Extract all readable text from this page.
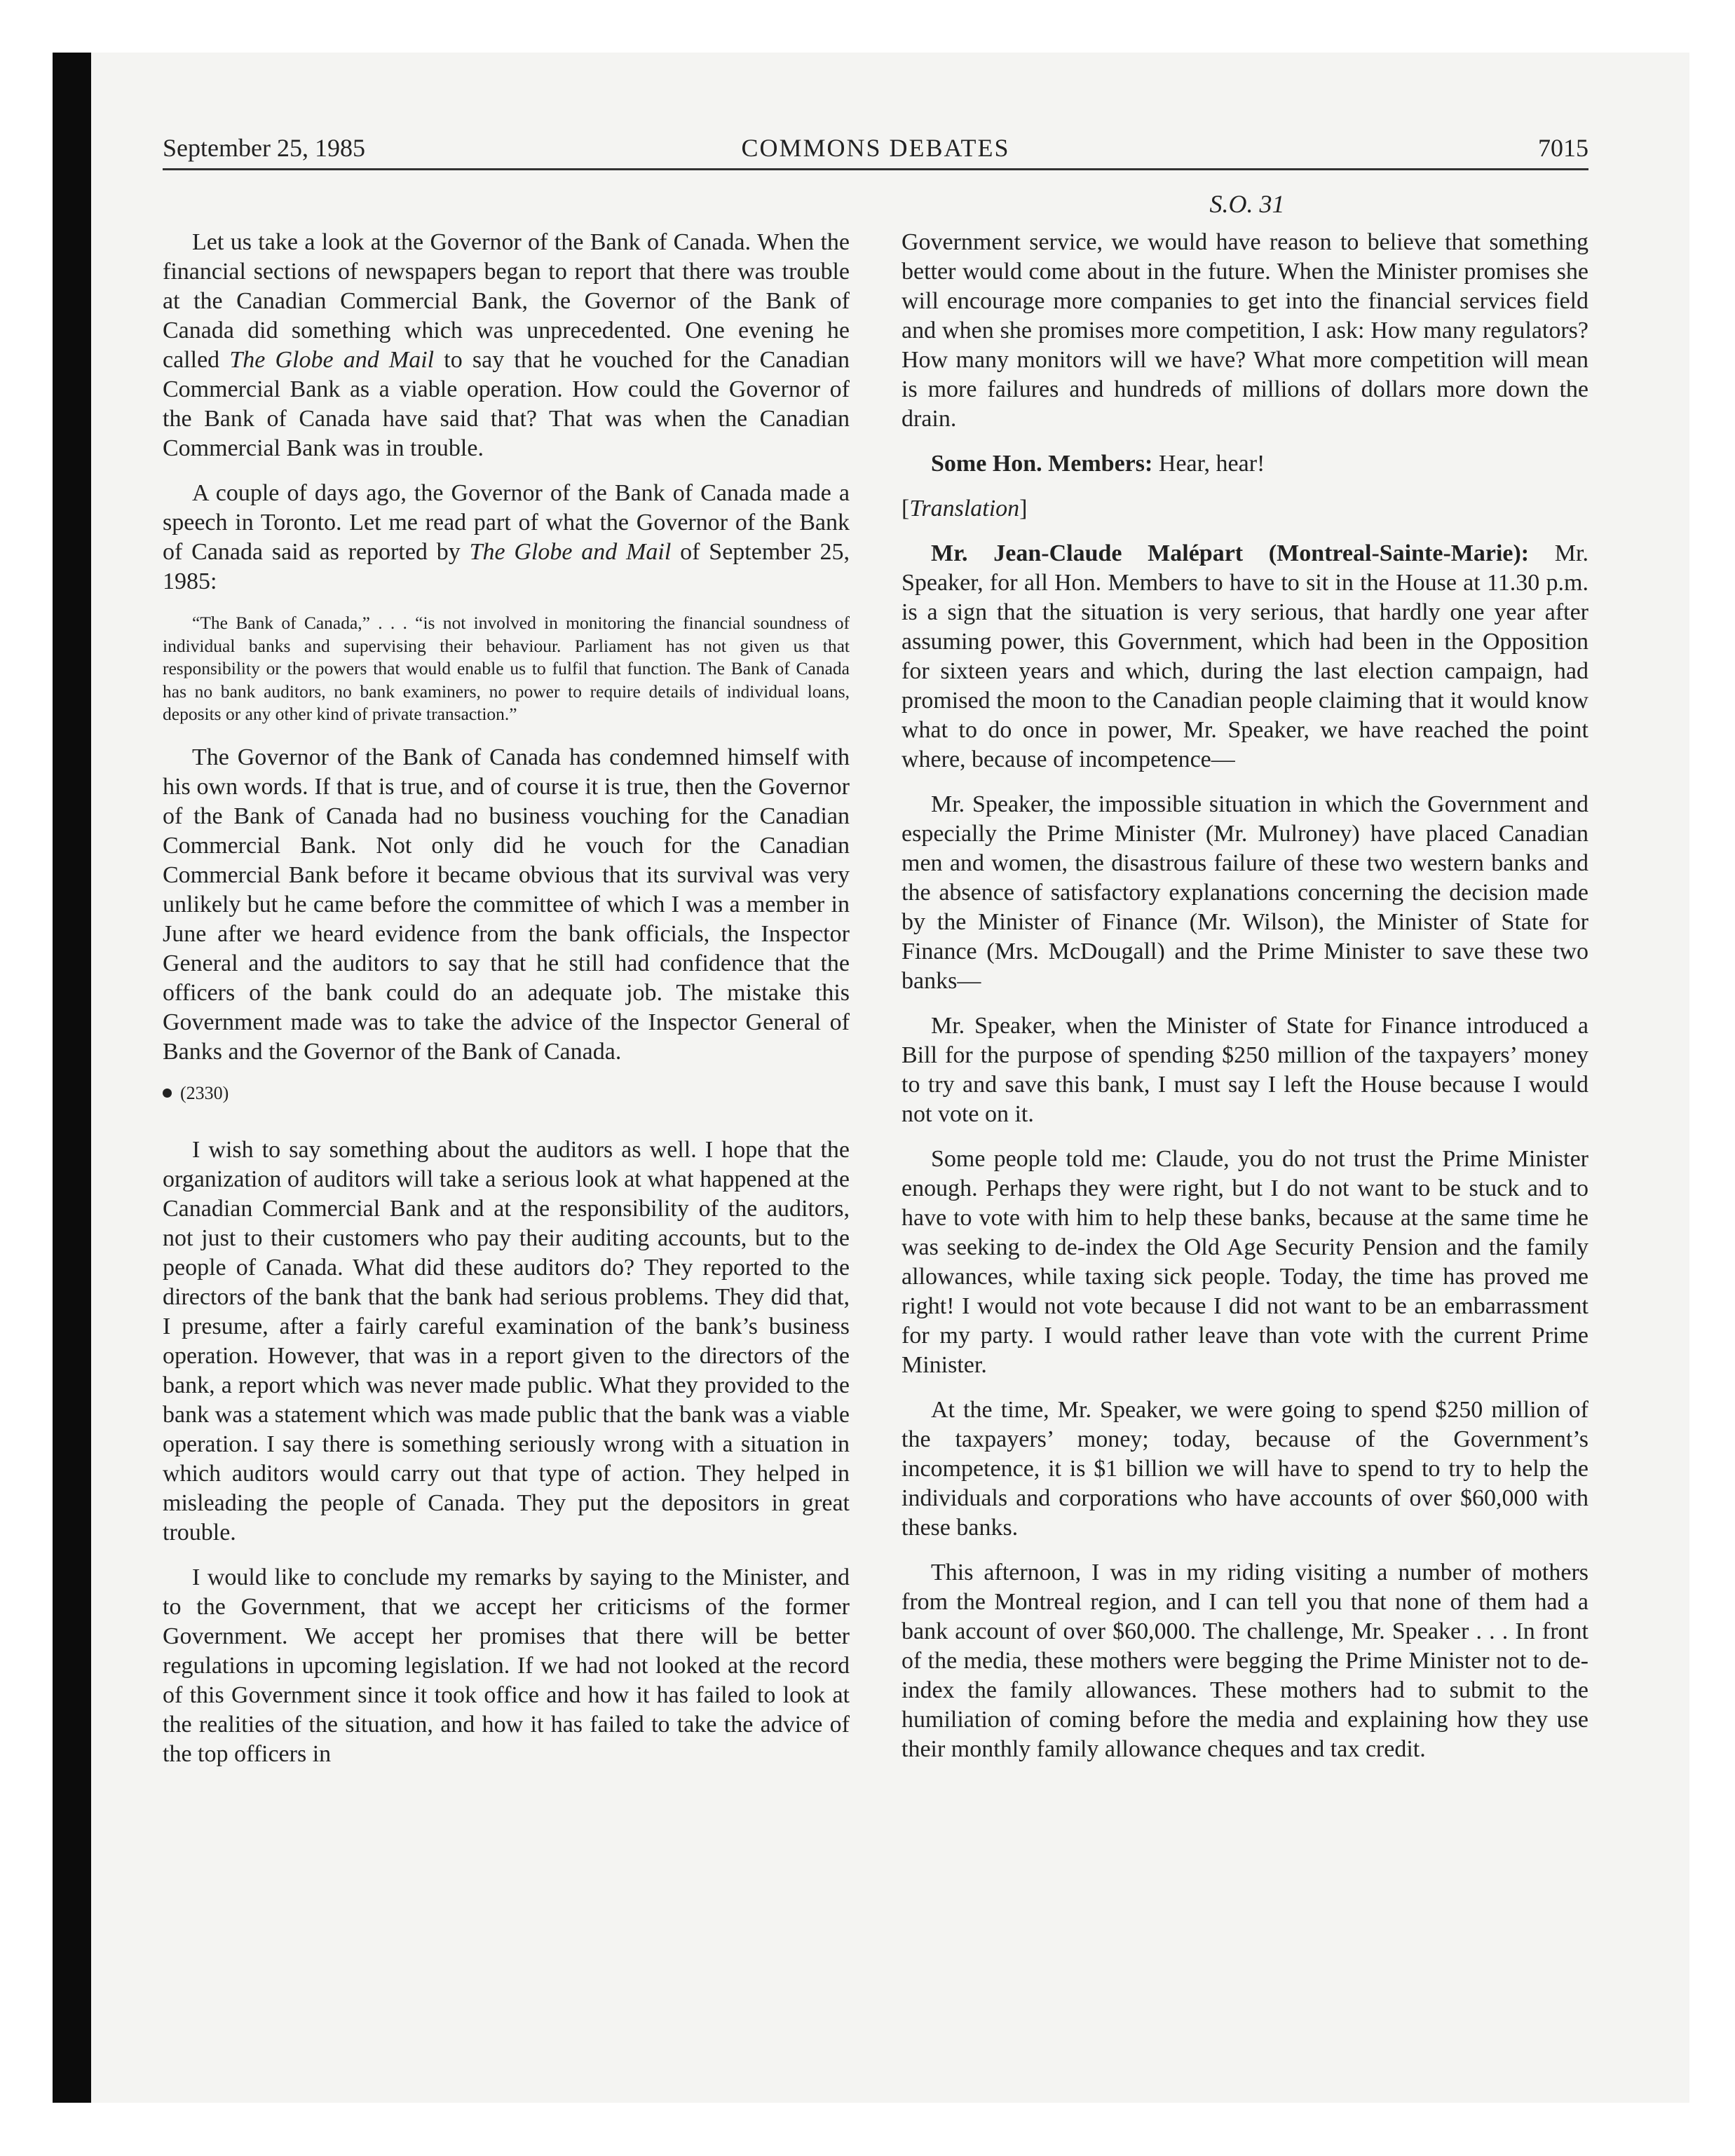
September 25, 1985	COMMONS DEBATES	7015
S.O. 31

Let us take a look at the Governor of the Bank of Canada. When the financial sections of newspapers began to report that there was trouble at the Canadian Commercial Bank, the Governor of the Bank of Canada did something which was unprecedented. One evening he called The Globe and Mail to say that he vouched for the Canadian Commercial Bank as a viable operation. How could the Governor of the Bank of Canada have said that? That was when the Canadian Commercial Bank was in trouble.

A couple of days ago, the Governor of the Bank of Canada made a speech in Toronto. Let me read part of what the Governor of the Bank of Canada said as reported by The Globe and Mail of September 25, 1985:

“The Bank of Canada,” . . . “is not involved in monitoring the financial soundness of individual banks and supervising their behaviour. Parliament has not given us that responsibility or the powers that would enable us to fulfil that function. The Bank of Canada has no bank auditors, no bank examiners, no power to require details of individual loans, deposits or any other kind of private transaction.”

The Governor of the Bank of Canada has condemned himself with his own words. If that is true, and of course it is true, then the Governor of the Bank of Canada had no business vouching for the Canadian Commercial Bank. Not only did he vouch for the Canadian Commercial Bank before it became obvious that its survival was very unlikely but he came before the committee of which I was a member in June after we heard evidence from the bank officials, the Inspector General and the auditors to say that he still had confidence that the officers of the bank could do an adequate job. The mistake this Government made was to take the advice of the Inspector General of Banks and the Governor of the Bank of Canada.

(2330)

I wish to say something about the auditors as well. I hope that the organization of auditors will take a serious look at what happened at the Canadian Commercial Bank and at the responsibility of the auditors, not just to their customers who pay their auditing accounts, but to the people of Canada. What did these auditors do? They reported to the directors of the bank that the bank had serious problems. They did that, I presume, after a fairly careful examination of the bank’s business operation. However, that was in a report given to the directors of the bank, a report which was never made public. What they provided to the bank was a statement which was made public that the bank was a viable operation. I say there is something seriously wrong with a situation in which auditors would carry out that type of action. They helped in misleading the people of Canada. They put the depositors in great trouble.

I would like to conclude my remarks by saying to the Minister, and to the Government, that we accept her criticisms of the former Government. We accept her promises that there will be better regulations in upcoming legislation. If we had not looked at the record of this Government since it took office and how it has failed to look at the realities of the situation, and how it has failed to take the advice of the top officers in

Government service, we would have reason to believe that something better would come about in the future. When the Minister promises she will encourage more companies to get into the financial services field and when she promises more competition, I ask: How many regulators? How many monitors will we have? What more competition will mean is more failures and hundreds of millions of dollars more down the drain.

Some Hon. Members: Hear, hear!

[Translation]

Mr. Jean-Claude Malépart (Montreal-Sainte-Marie): Mr. Speaker, for all Hon. Members to have to sit in the House at 11.30 p.m. is a sign that the situation is very serious, that hardly one year after assuming power, this Government, which had been in the Opposition for sixteen years and which, during the last election campaign, had promised the moon to the Canadian people claiming that it would know what to do once in power, Mr. Speaker, we have reached the point where, because of incompetence—

Mr. Speaker, the impossible situation in which the Government and especially the Prime Minister (Mr. Mulroney) have placed Canadian men and women, the disastrous failure of these two western banks and the absence of satisfactory explanations concerning the decision made by the Minister of Finance (Mr. Wilson), the Minister of State for Finance (Mrs. McDougall) and the Prime Minister to save these two banks—

Mr. Speaker, when the Minister of State for Finance introduced a Bill for the purpose of spending $250 million of the taxpayers’ money to try and save this bank, I must say I left the House because I would not vote on it.

Some people told me: Claude, you do not trust the Prime Minister enough. Perhaps they were right, but I do not want to be stuck and to have to vote with him to help these banks, because at the same time he was seeking to de-index the Old Age Security Pension and the family allowances, while taxing sick people. Today, the time has proved me right! I would not vote because I did not want to be an embarrassment for my party. I would rather leave than vote with the current Prime Minister.

At the time, Mr. Speaker, we were going to spend $250 million of the taxpayers’ money; today, because of the Government’s incompetence, it is $1 billion we will have to spend to try to help the individuals and corporations who have accounts of over $60,000 with these banks.

This afternoon, I was in my riding visiting a number of mothers from the Montreal region, and I can tell you that none of them had a bank account of over $60,000. The challenge, Mr. Speaker . . . In front of the media, these mothers were begging the Prime Minister not to de-index the family allowances. These mothers had to submit to the humiliation of coming before the media and explaining how they use their monthly family allowance cheques and tax credit.
